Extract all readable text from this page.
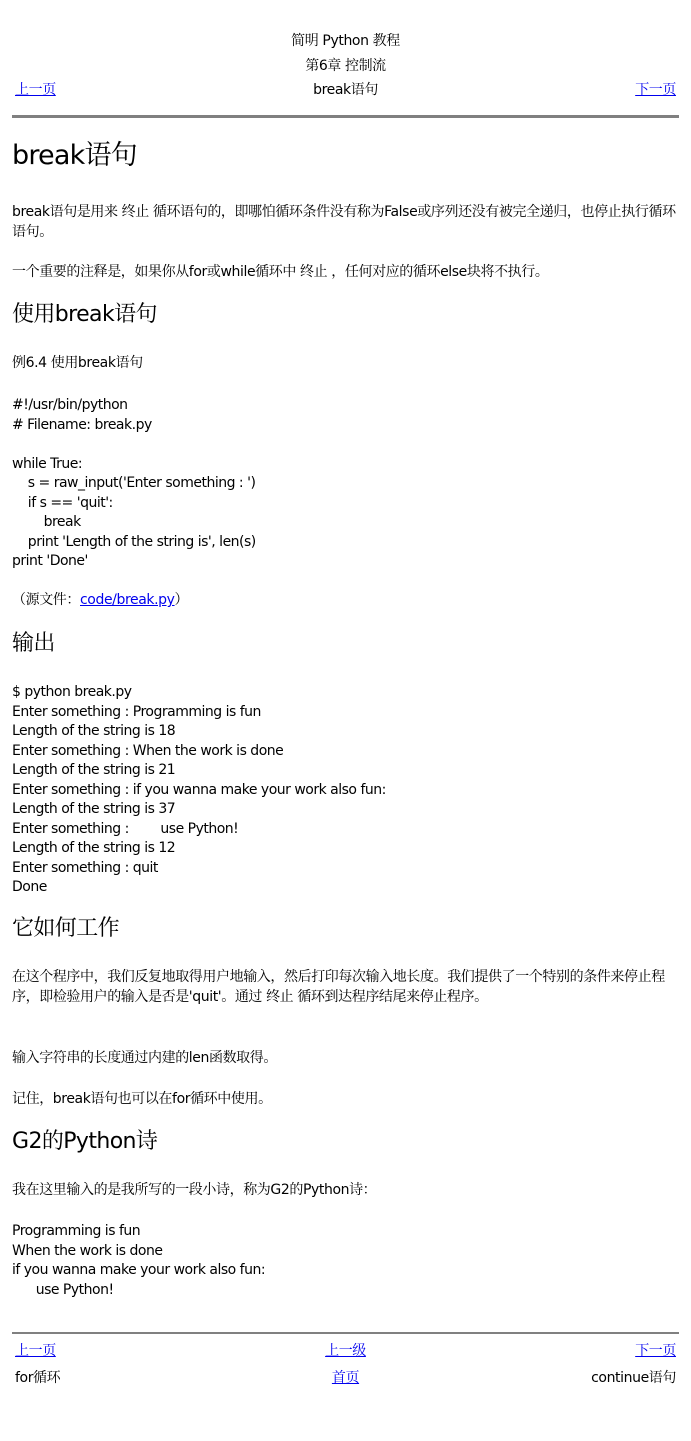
简明 Python 教程
第6章 控制流
break语句
上一页	下一页
break语句

break语句是用来 终止 循环语句的，即哪怕循环条件没有称为False或序列还没有被完全递归，也停止执行循环语句。

一个重要的注释是，如果你从for或while循环中 终止 ，任何对应的循环else块将不执行。

使用break语句

例6.4 使用break语句

#!/usr/bin/python
# Filename: break.py

while True:
s = raw_input('Enter something : ')
if s == 'quit':
break
print 'Length of the string is', len(s)
print 'Done'

（源文件：code/break.py）

输出
$ python break.py
Enter something : Programming is fun
Length of the string is 18
Enter something : When the work is done
Length of the string is 21
Enter something : if you wanna make your work also fun:
Length of the string is 37
Enter something :        use Python!
Length of the string is 12
Enter something : quit
Done
它如何工作

在这个程序中，我们反复地取得用户地输入，然后打印每次输入地长度。我们提供了一个特别的条件来停止程序，即检验用户的输入是否是'quit'。通过 终止 循环到达程序结尾来停止程序。

输入字符串的长度通过内建的len函数取得。

记住，break语句也可以在for循环中使用。

G2的Python诗

我在这里输入的是我所写的一段小诗，称为G2的Python诗：

Programming is fun
When the work is done
if you wanna make your work also fun:
use Python!
上一页	上一级	下一页
for循环	首页	continue语句
